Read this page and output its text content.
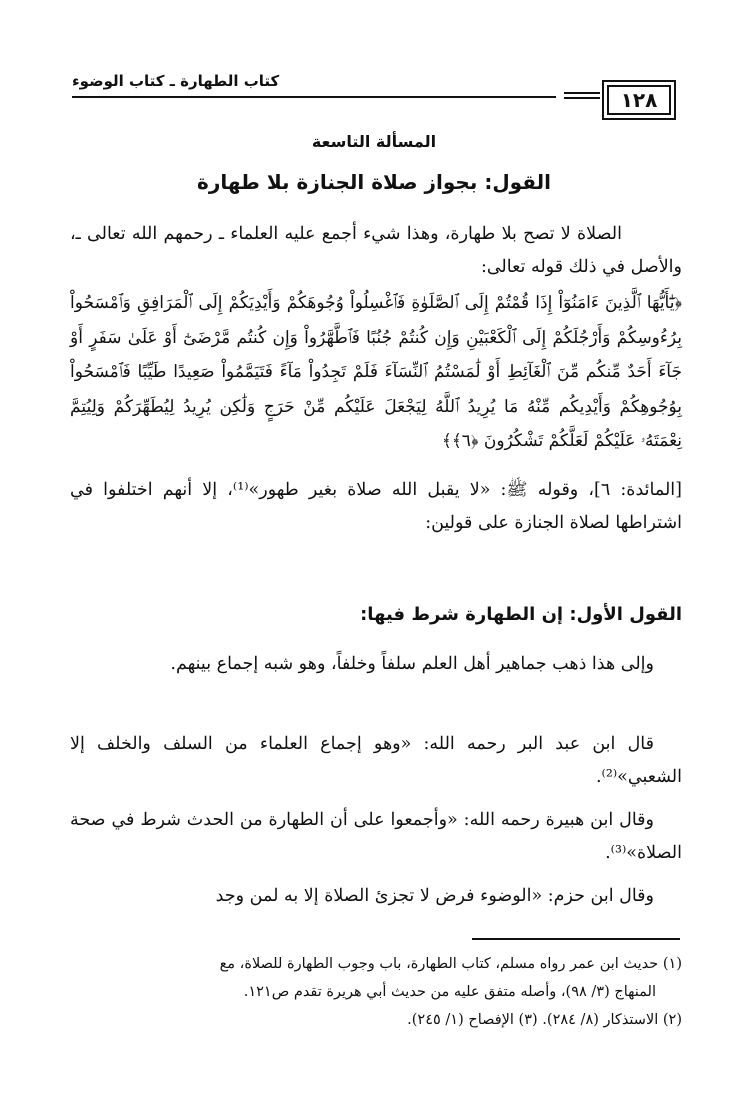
١٢٨
كتاب الطهارة ـ كتاب الوضوء
المسألة التاسعة
القول: بجواز صلاة الجنازة بلا طهارة
الصلاة لا تصح بلا طهارة، وهذا شيء أجمع عليه العلماء ـ رحمهم الله تعالى ـ، والأصل في ذلك قوله تعالى:
﴿يَٰٓأَيُّهَا ٱلَّذِينَ ءَامَنُوٓاْ إِذَا قُمْتُمْ إِلَى ٱلصَّلَوٰةِ فَٱغْسِلُواْ وُجُوهَكُمْ وَأَيْدِيَكُمْ إِلَى ٱلْمَرَافِقِ وَٱمْسَحُواْ بِرُءُوسِكُمْ وَأَرْجُلَكُمْ إِلَى ٱلْكَعْبَيْنِ وَإِن كُنتُمْ جُنُبًا فَٱطَّهَّرُواْ وَإِن كُنتُم مَّرْضَىٰٓ أَوْ عَلَىٰ سَفَرٍ أَوْ جَآءَ أَحَدٌ مِّنكُم مِّنَ ٱلْغَآئِطِ أَوْ لَٰمَسْتُمُ ٱلنِّسَآءَ فَلَمْ تَجِدُواْ مَآءً فَتَيَمَّمُواْ صَعِيدًا طَيِّبًا فَٱمْسَحُواْ بِوُجُوهِكُمْ وَأَيْدِيكُم مِّنْهُ مَا يُرِيدُ ٱللَّهُ لِيَجْعَلَ عَلَيْكُم مِّنْ حَرَجٍ وَلَٰكِن يُرِيدُ لِيُطَهِّرَكُمْ وَلِيُتِمَّ نِعْمَتَهُۥ عَلَيْكُمْ لَعَلَّكُمْ تَشْكُرُونَ ﴿٦﴾﴾
[المائدة: ٦]، وقوله ﷺ: «لا يقبل الله صلاة بغير طهور»⁽¹⁾، إلا أنهم اختلفوا في اشتراطها لصلاة الجنازة على قولين:
القول الأول: إن الطهارة شرط فيها:
وإلى هذا ذهب جماهير أهل العلم سلفاً وخلفاً، وهو شبه إجماع بينهم.
قال ابن عبد البر رحمه الله: «وهو إجماع العلماء من السلف والخلف إلا الشعبي»⁽²⁾.
وقال ابن هبيرة رحمه الله: «وأجمعوا على أن الطهارة من الحدث شرط في صحة الصلاة»⁽³⁾.
وقال ابن حزم: «الوضوء فرض لا تجزئ الصلاة إلا به لمن وجد

(١) حديث ابن عمر رواه مسلم، كتاب الطهارة، باب وجوب الطهارة للصلاة، مع

المنهاج (٣/ ٩٨)، وأصله متفق عليه من حديث أبي هريرة تقدم ص١٢١.

(٢) الاستذكار (٨/ ٢٨٤). (٣) الإفصاح (١/ ٢٤٥).
